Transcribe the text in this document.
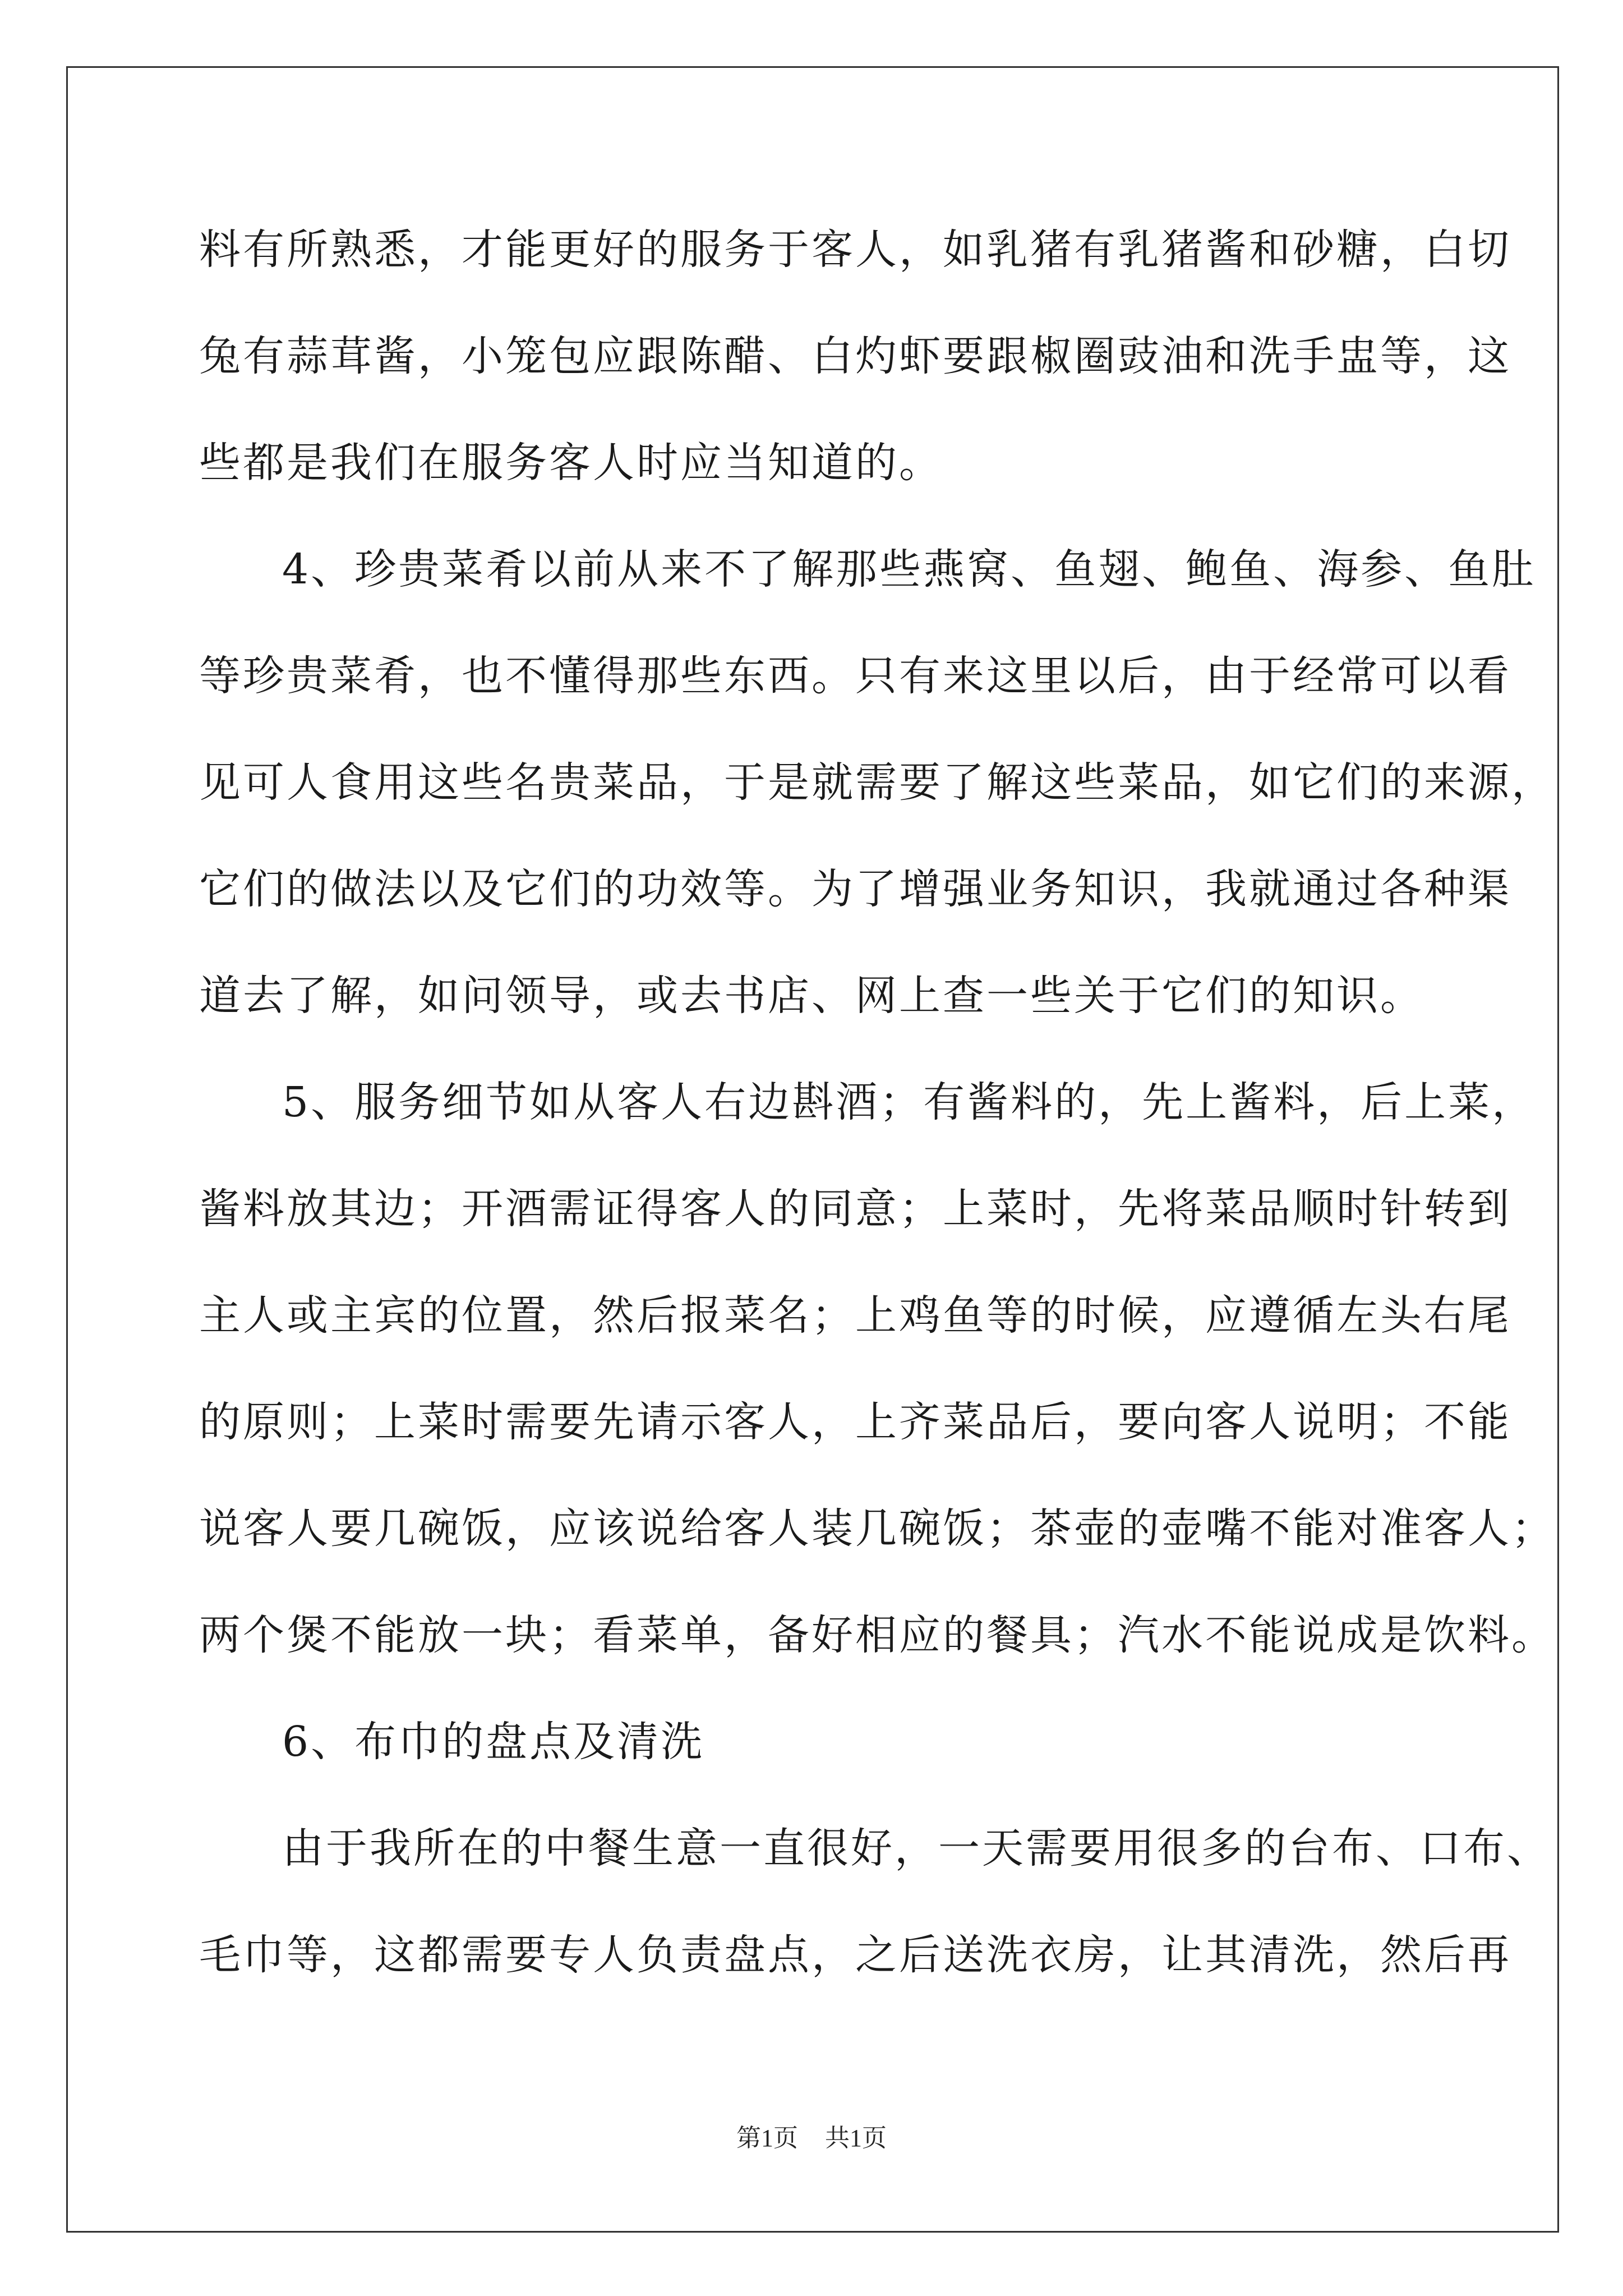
料有所熟悉，才能更好的服务于客人，如乳猪有乳猪酱和砂糖，白切
兔有蒜茸酱，小笼包应跟陈醋、白灼虾要跟椒圈豉油和洗手盅等，这
些都是我们在服务客人时应当知道的。
4、珍贵菜肴以前从来不了解那些燕窝、鱼翅、鲍鱼、海参、鱼肚
等珍贵菜肴，也不懂得那些东西。只有来这里以后，由于经常可以看
见可人食用这些名贵菜品，于是就需要了解这些菜品，如它们的来源，
它们的做法以及它们的功效等。为了增强业务知识，我就通过各种渠
道去了解，如问领导，或去书店、网上查一些关于它们的知识。
5、服务细节如从客人右边斟酒；有酱料的，先上酱料，后上菜，
酱料放其边；开酒需证得客人的同意；上菜时，先将菜品顺时针转到
主人或主宾的位置，然后报菜名；上鸡鱼等的时候，应遵循左头右尾
的原则；上菜时需要先请示客人，上齐菜品后，要向客人说明；不能
说客人要几碗饭，应该说给客人装几碗饭；茶壶的壶嘴不能对准客人；
两个煲不能放一块；看菜单，备好相应的餐具；汽水不能说成是饮料。
6、布巾的盘点及清洗
由于我所在的中餐生意一直很好，一天需要用很多的台布、口布、
毛巾等，这都需要专人负责盘点，之后送洗衣房，让其清洗，然后再
第1页 共1页
